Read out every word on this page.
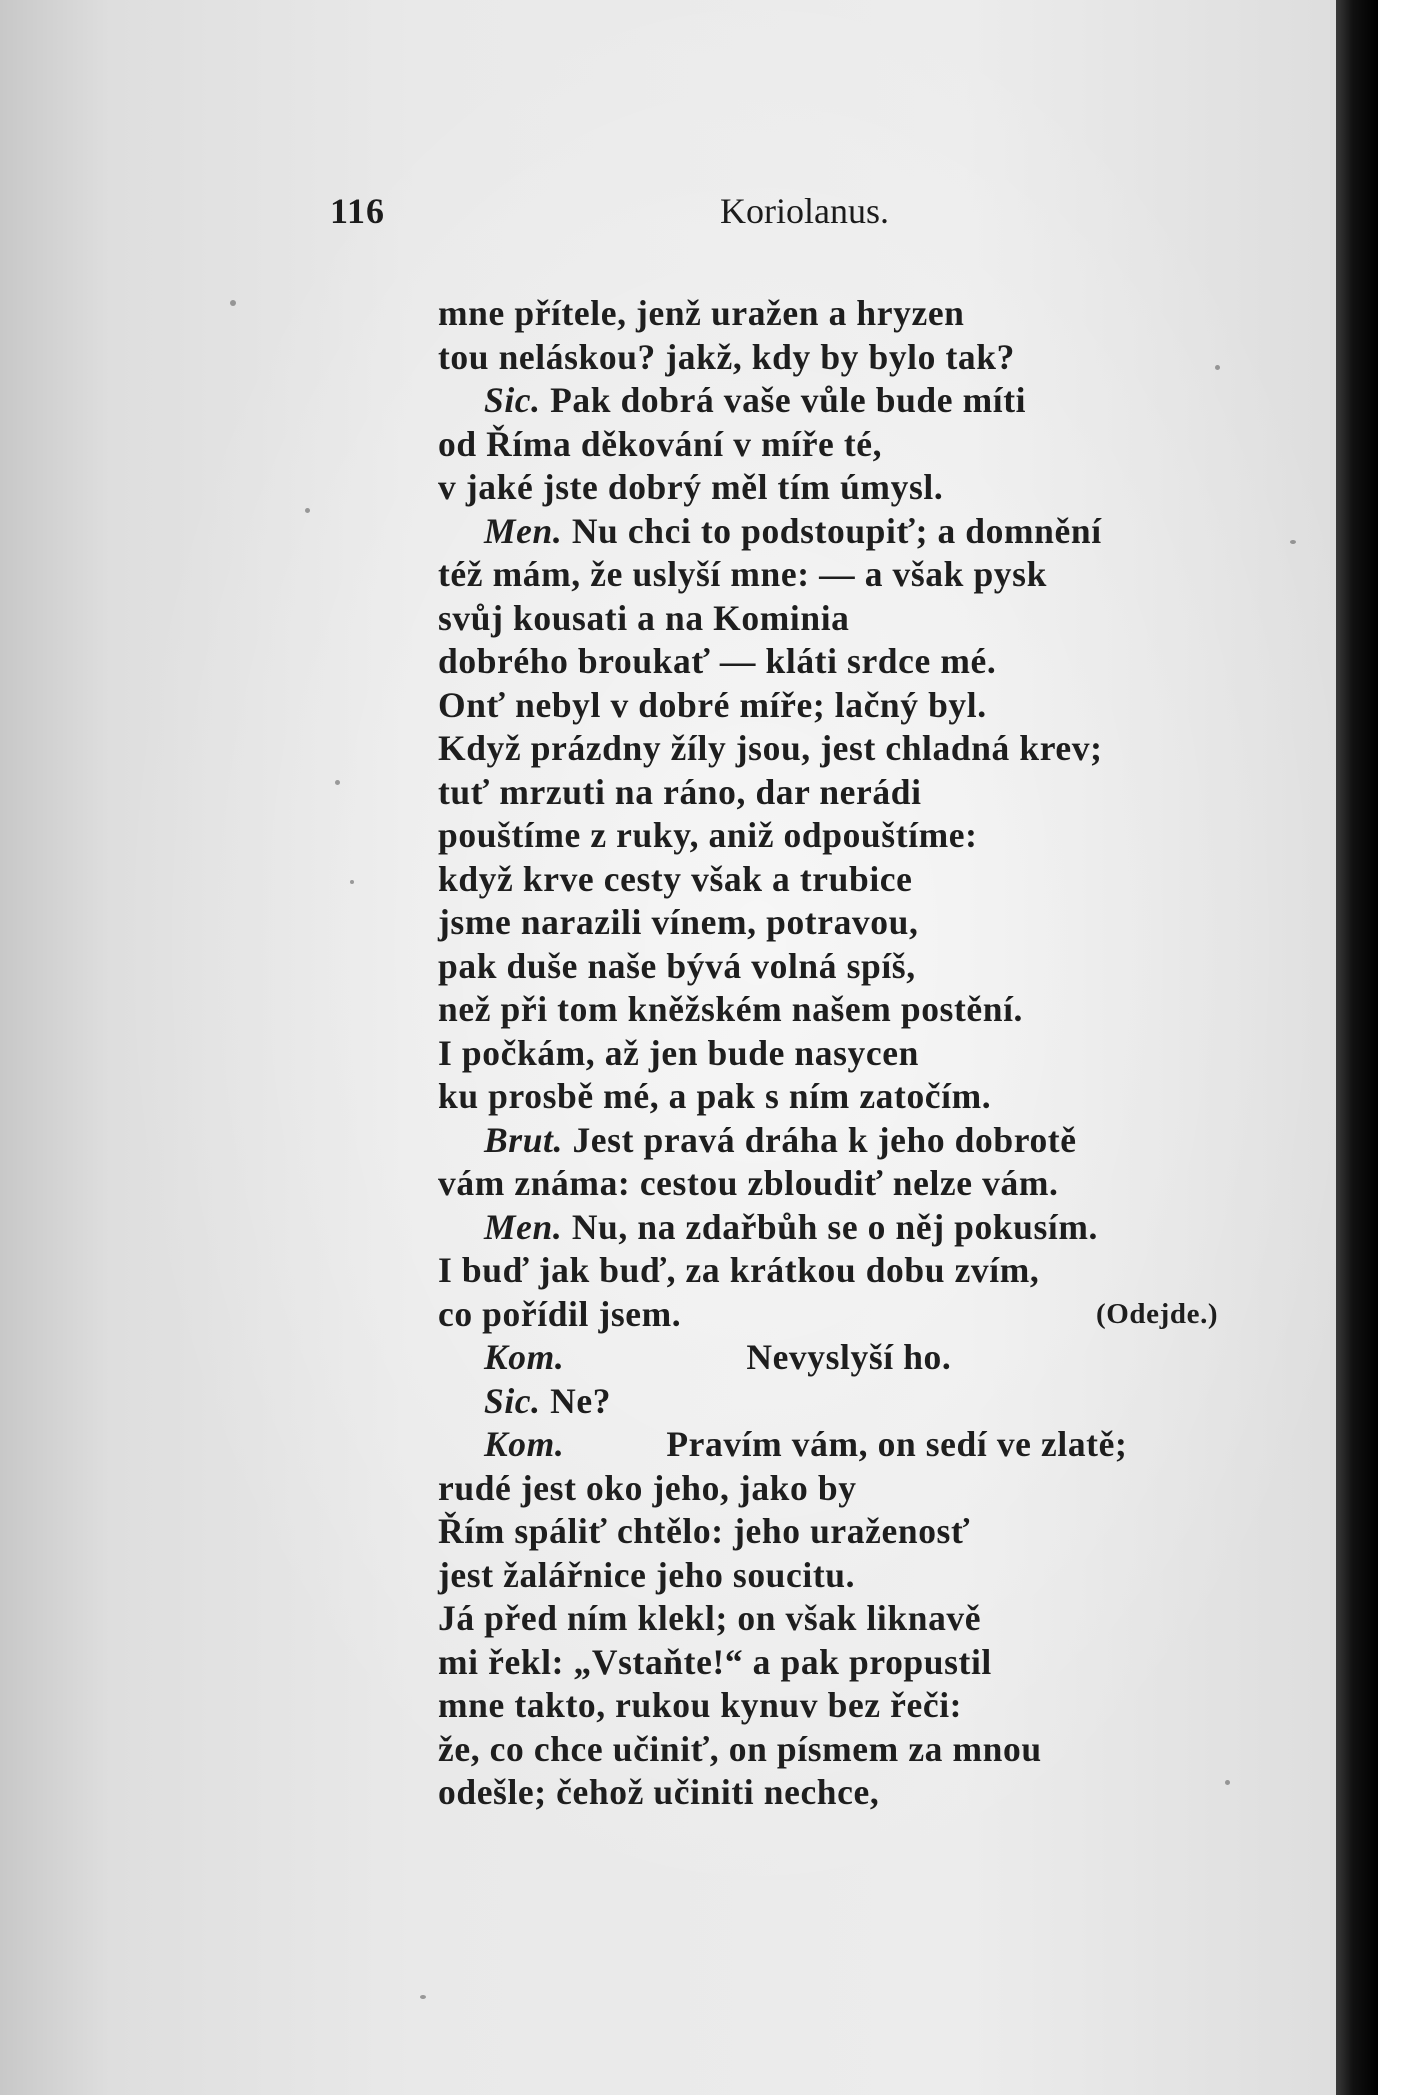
116	Koriolanus.
mne přítele, jenž uražen a hryzen
tou neláskou? jakž, kdy by bylo tak?
Sic. Pak dobrá vaše vůle bude míti
od Říma děkování v míře té,
v jaké jste dobrý měl tím úmysl.
Men. Nu chci to podstoupiť; a domnění
též mám, že uslyší mne: — a však pysk
svůj kousati a na Kominia
dobrého broukať — kláti srdce mé.
Onť nebyl v dobré míře; lačný byl.
Když prázdny žíly jsou, jest chladná krev;
tuť mrzuti na ráno, dar nerádi
pouštíme z ruky, aniž odpouštíme:
když krve cesty však a trubice
jsme narazili vínem, potravou,
pak duše naše bývá volná spíš,
než při tom kněžském našem postění.
I počkám, až jen bude nasycen
ku prosbě mé, a pak s ním zatočím.
Brut. Jest pravá dráha k jeho dobrotě
vám známa: cestou zbloudiť nelze vám.
Men. Nu, na zdařbůh se o něj pokusím.
I buď jak buď, za krátkou dobu zvím,
co pořídil jsem.	(Odejde.)
Kom.	Nevyslyší ho.
Sic. Ne?
Kom.	Pravím vám, on sedí ve zlatě;
rudé jest oko jeho, jako by
Řím spáliť chtělo: jeho uraženosť
jest žalářnice jeho soucitu.
Já před ním klekl; on však liknavě
mi řekl: „Vstaňte!“ a pak propustil
mne takto, rukou kynuv bez řeči:
že, co chce učiniť, on písmem za mnou
odešle; čehož učiniti nechce,
